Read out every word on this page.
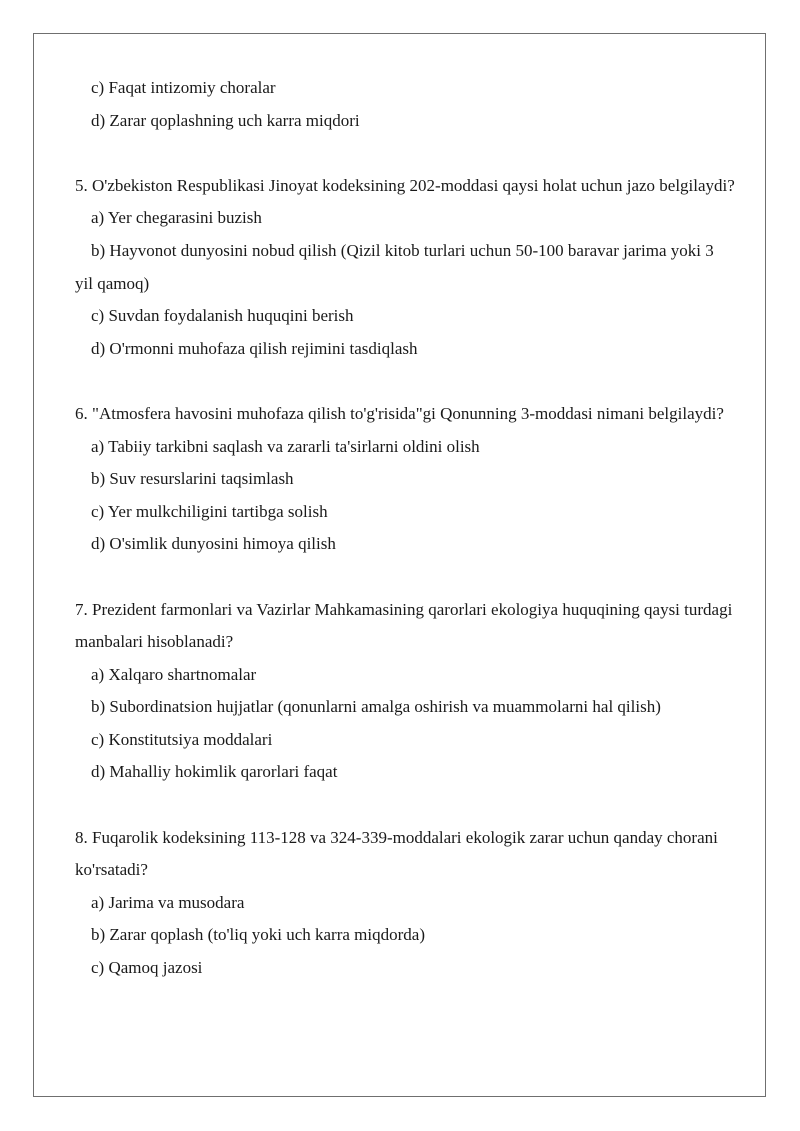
c) Faqat intizomiy choralar
d) Zarar qoplashning uch karra miqdori
5. O'zbekiston Respublikasi Jinoyat kodeksining 202-moddasi qaysi holat uchun jazo belgilaydi?
a) Yer chegarasini buzish
b) Hayvonot dunyosini nobud qilish (Qizil kitob turlari uchun 50-100 baravar jarima yoki 3 yil qamoq)
c) Suvdan foydalanish huquqini berish
d) O'rmonni muhofaza qilish rejimini tasdiqlash
6. "Atmosfera havosini muhofaza qilish to'g'risida"gi Qonunning 3-moddasi nimani belgilaydi?
a) Tabiiy tarkibni saqlash va zararli ta'sirlarni oldini olish
b) Suv resurslarini taqsimlash
c) Yer mulkchiligini tartibga solish
d) O'simlik dunyosini himoya qilish
7. Prezident farmonlari va Vazirlar Mahkamasining qarorlari ekologiya huquqining qaysi turdagi manbalari hisoblanadi?
a) Xalqaro shartnomalar
b) Subordinatsion hujjatlar (qonunlarni amalga oshirish va muammolarni hal qilish)
c) Konstitutsiya moddalari
d) Mahalliy hokimlik qarorlari faqat
8. Fuqarolik kodeksining 113-128 va 324-339-moddalari ekologik zarar uchun qanday chorani ko'rsatadi?
a) Jarima va musodara
b) Zarar qoplash (to'liq yoki uch karra miqdorda)
c) Qamoq jazosi
